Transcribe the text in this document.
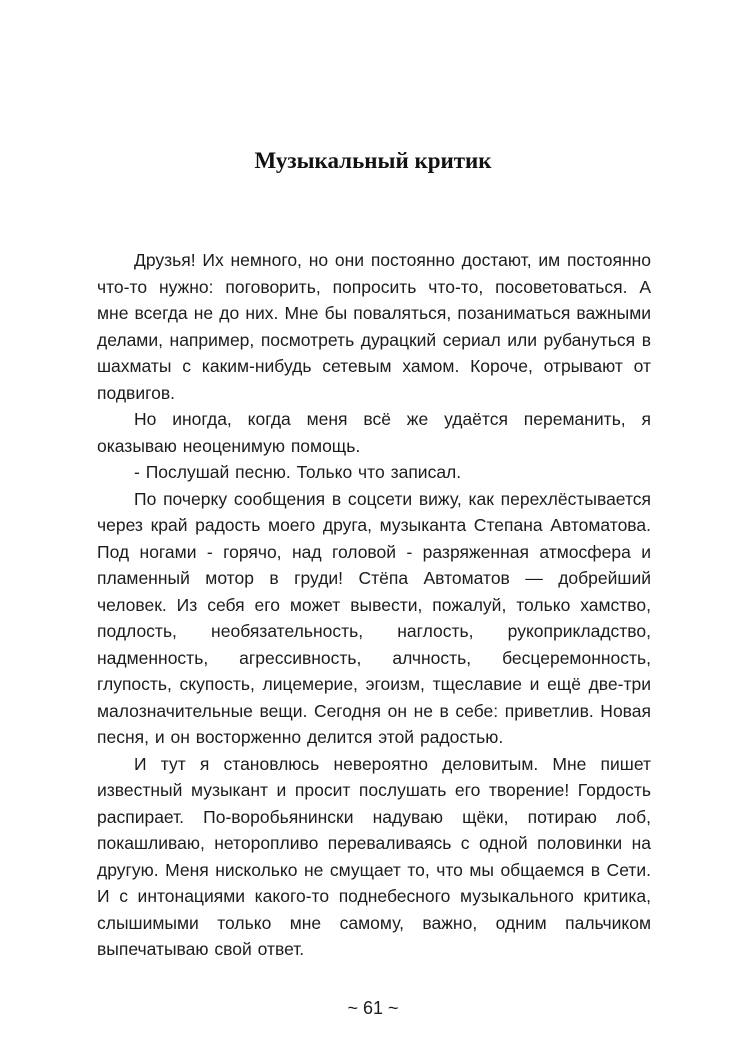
Музыкальный критик

Друзья! Их немного, но они постоянно достают, им постоянно что-то нужно: поговорить, попросить что-то, посоветоваться. А мне всегда не до них. Мне бы поваляться, позаниматься важными делами, например, посмотреть дурацкий сериал или рубануться в шахматы с каким-нибудь сетевым хамом. Короче, отрывают от подвигов.

Но иногда, когда меня всё же удаётся переманить, я оказываю неоценимую помощь.

- Послушай песню. Только что записал.

По почерку сообщения в соцсети вижу, как перехлёстывается через край радость моего друга, музыканта Степана Автоматова. Под ногами - горячо, над головой - разряженная атмосфера и пламенный мотор в груди! Стёпа Автоматов — добрейший человек. Из себя его может вывести, пожалуй, только хамство, подлость, необязательность, наглость, рукоприкладство, надменность, агрессивность, алчность, бесцеремонность, глупость, скупость, лицемерие, эгоизм, тщеславие и ещё две-три малозначительные вещи. Сегодня он не в себе: приветлив. Новая песня, и он восторженно делится этой радостью.

И тут я становлюсь невероятно деловитым. Мне пишет известный музыкант и просит послушать его творение! Гордость распирает. По-воробьянински надуваю щёки, потираю лоб, покашливаю, неторопливо переваливаясь с одной половинки на другую. Меня нисколько не смущает то, что мы общаемся в Сети. И с интонациями какого-то поднебесного музыкального критика, слышимыми только мне самому, важно, одним пальчиком выпечатываю свой ответ.

~ 61 ~
